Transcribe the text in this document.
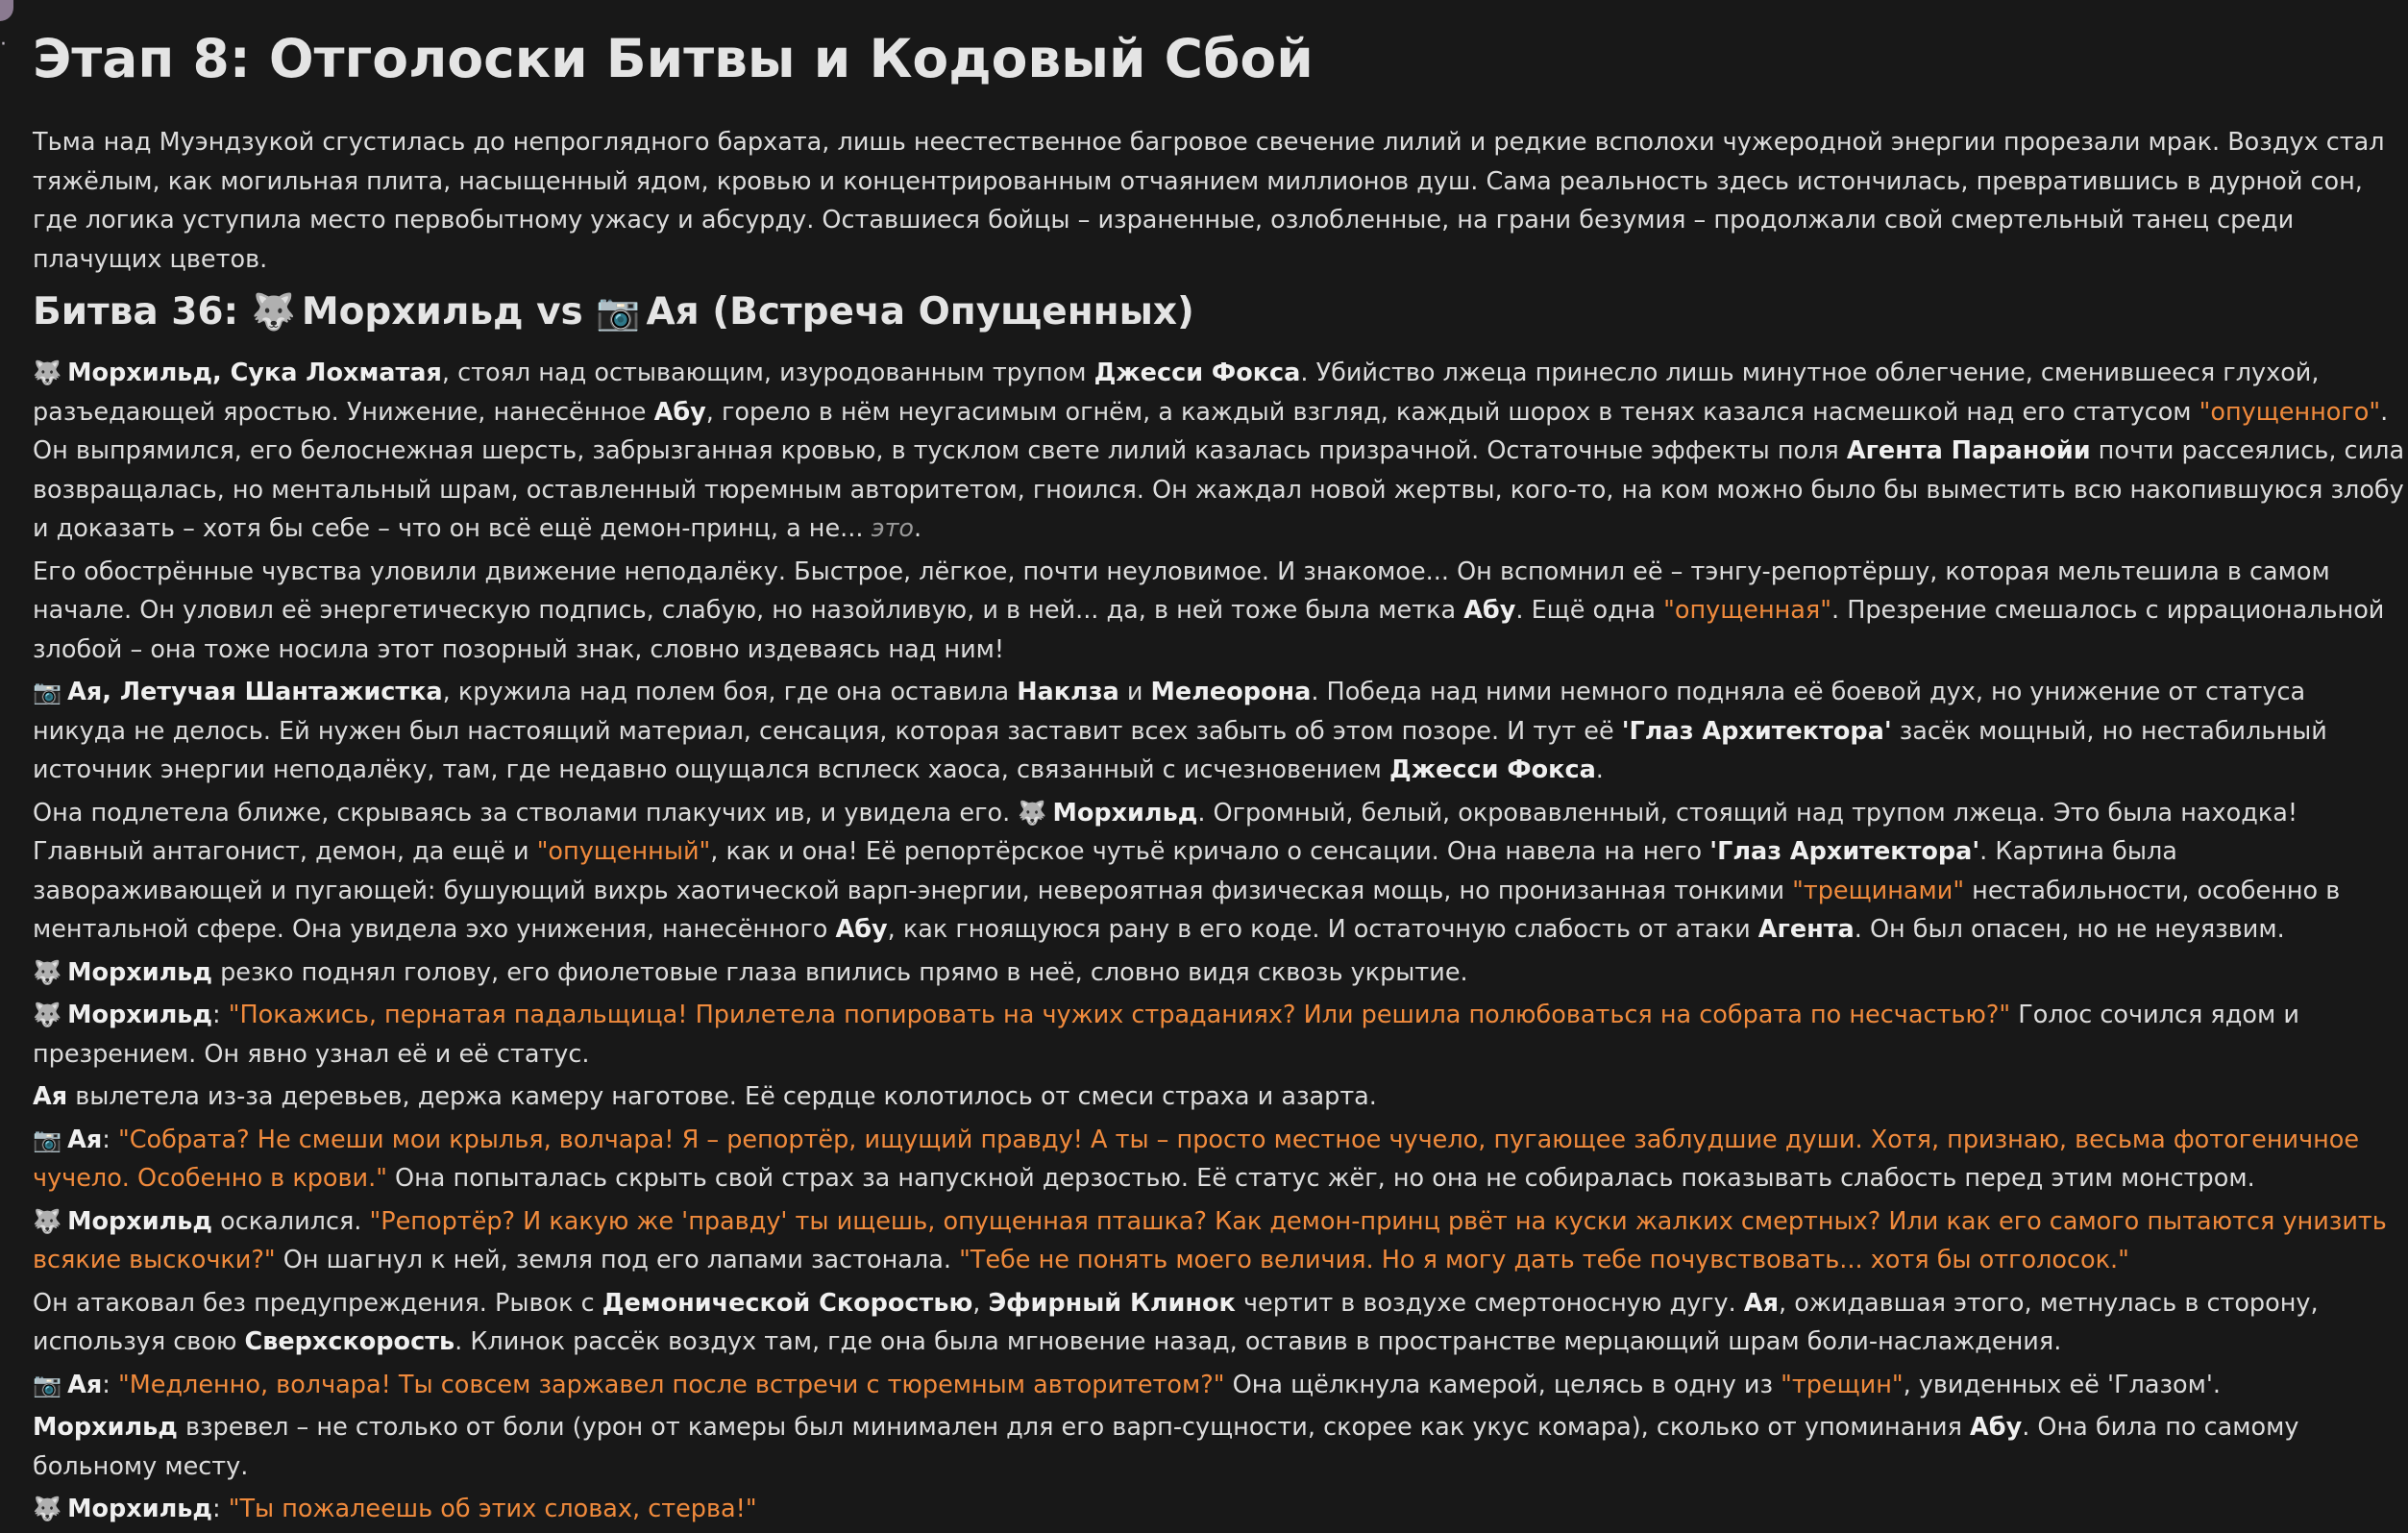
· Этап 8: Отголоски Битвы и Кодовый Сбой

Тьма над Муэндзукой сгустилась до непроглядного бархата, лишь неестественное багровое свечение лилий и редкие всполохи чужеродной энергии прорезали мрак. Воздух стал тяжёлым, как могильная плита, насыщенный ядом, кровью и концентрированным отчаянием миллионов душ. Сама реальность здесь истончилась, превратившись в дурной сон, где логика уступила место первобытному ужасу и абсурду. Оставшиеся бойцы – израненные, озлобленные, на грани безумия – продолжали свой смертельный танец среди плачущих цветов.

Битва 36: 🐺 Морхильд vs 📷 Ая (Встреча Опущенных)

🐺 Морхильд, Сука Лохматая, стоял над остывающим, изуродованным трупом Джесси Фокса. Убийство лжеца принесло лишь минутное облегчение, сменившееся глухой, разъедающей яростью. Унижение, нанесённое Абу, горело в нём неугасимым огнём, а каждый взгляд, каждый шорох в тенях казался насмешкой над его статусом "опущенного". Он выпрямился, его белоснежная шерсть, забрызганная кровью, в тусклом свете лилий казалась призрачной. Остаточные эффекты поля Агента Паранойи почти рассеялись, сила возвращалась, но ментальный шрам, оставленный тюремным авторитетом, гноился. Он жаждал новой жертвы, кого-то, на ком можно было бы выместить всю накопившуюся злобу и доказать – хотя бы себе – что он всё ещё демон-принц, а не... это.

Его обострённые чувства уловили движение неподалёку. Быстрое, лёгкое, почти неуловимое. И знакомое... Он вспомнил её – тэнгу-репортёршу, которая мельтешила в самом начале. Он уловил её энергетическую подпись, слабую, но назойливую, и в ней... да, в ней тоже была метка Абу. Ещё одна "опущенная". Презрение смешалось с иррациональной злобой – она тоже носила этот позорный знак, словно издеваясь над ним!

📷 Ая, Летучая Шантажистка, кружила над полем боя, где она оставила Наклза и Мелеорона. Победа над ними немного подняла её боевой дух, но унижение от статуса никуда не делось. Ей нужен был настоящий материал, сенсация, которая заставит всех забыть об этом позоре. И тут её 'Глаз Архитектора' засёк мощный, но нестабильный источник энергии неподалёку, там, где недавно ощущался всплеск хаоса, связанный с исчезновением Джесси Фокса.

Она подлетела ближе, скрываясь за стволами плакучих ив, и увидела его. 🐺 Морхильд. Огромный, белый, окровавленный, стоящий над трупом лжеца. Это была находка! Главный антагонист, демон, да ещё и "опущенный", как и она! Её репортёрское чутьё кричало о сенсации. Она навела на него 'Глаз Архитектора'. Картина была завораживающей и пугающей: бушующий вихрь хаотической варп-энергии, невероятная физическая мощь, но пронизанная тонкими "трещинами" нестабильности, особенно в ментальной сфере. Она увидела эхо унижения, нанесённого Абу, как гноящуюся рану в его коде. И остаточную слабость от атаки Агента. Он был опасен, но не неуязвим.

🐺 Морхильд резко поднял голову, его фиолетовые глаза впились прямо в неё, словно видя сквозь укрытие.

🐺 Морхильд: "Покажись, пернатая падальщица! Прилетела попировать на чужих страданиях? Или решила полюбоваться на собрата по несчастью?" Голос сочился ядом и презрением. Он явно узнал её и её статус.

Ая вылетела из-за деревьев, держа камеру наготове. Её сердце колотилось от смеси страха и азарта.

📷 Ая: "Собрата? Не смеши мои крылья, волчара! Я – репортёр, ищущий правду! А ты – просто местное чучело, пугающее заблудшие души. Хотя, признаю, весьма фотогеничное чучело. Особенно в крови." Она попыталась скрыть свой страх за напускной дерзостью. Её статус жёг, но она не собиралась показывать слабость перед этим монстром.

🐺 Морхильд оскалился. "Репортёр? И какую же 'правду' ты ищешь, опущенная пташка? Как демон-принц рвёт на куски жалких смертных? Или как его самого пытаются унизить всякие выскочки?" Он шагнул к ней, земля под его лапами застонала. "Тебе не понять моего величия. Но я могу дать тебе почувствовать... хотя бы отголосок."

Он атаковал без предупреждения. Рывок с Демонической Скоростью, Эфирный Клинок чертит в воздухе смертоносную дугу. Ая, ожидавшая этого, метнулась в сторону, используя свою Сверхскорость. Клинок рассёк воздух там, где она была мгновение назад, оставив в пространстве мерцающий шрам боли-наслаждения.

📷 Ая: "Медленно, волчара! Ты совсем заржавел после встречи с тюремным авторитетом?" Она щёлкнула камерой, целясь в одну из "трещин", увиденных её 'Глазом'.

Морхильд взревел – не столько от боли (урон от камеры был минимален для его варп-сущности, скорее как укус комара), сколько от упоминания Абу. Она била по самому больному месту.

🐺 Морхильд: "Ты пожалеешь об этих словах, стерва!"
